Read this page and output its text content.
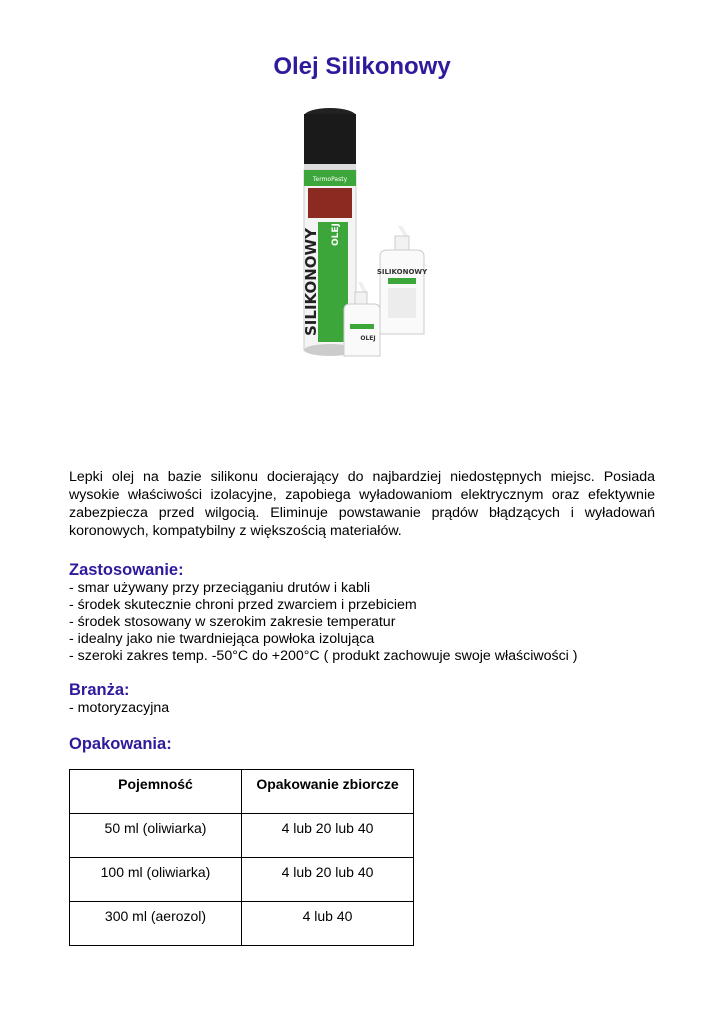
Olej Silikonowy
TermoPasty
SILIKONOWY OLEJ
SILIKONOWY
OLEJ

Lepki olej na bazie silikonu docierający do najbardziej niedostępnych miejsc. Posiada wysokie właściwości izolacyjne, zapobiega wyładowaniom elektrycznym oraz efektywnie zabezpiecza przed wilgocią. Eliminuje powstawanie prądów błądzących i wyładowań koronowych, kompatybilny z większością materiałów.

Zastosowanie:
- smar używany przy przeciąganiu drutów i kabli
- środek skutecznie chroni przed zwarciem i przebiciem
- środek stosowany w szerokim zakresie temperatur
- idealny jako nie twardniejąca powłoka izolująca
- szeroki zakres temp. -50°C do +200°C ( produkt zachowuje swoje właściwości )
Branża:
- motoryzacyjna
Opakowania:
Pojemność	Opakowanie zbiorcze
50 ml (oliwiarka)	4 lub 20 lub 40
100 ml (oliwiarka)	4 lub 20 lub 40
300 ml (aerozol)	4 lub 40
